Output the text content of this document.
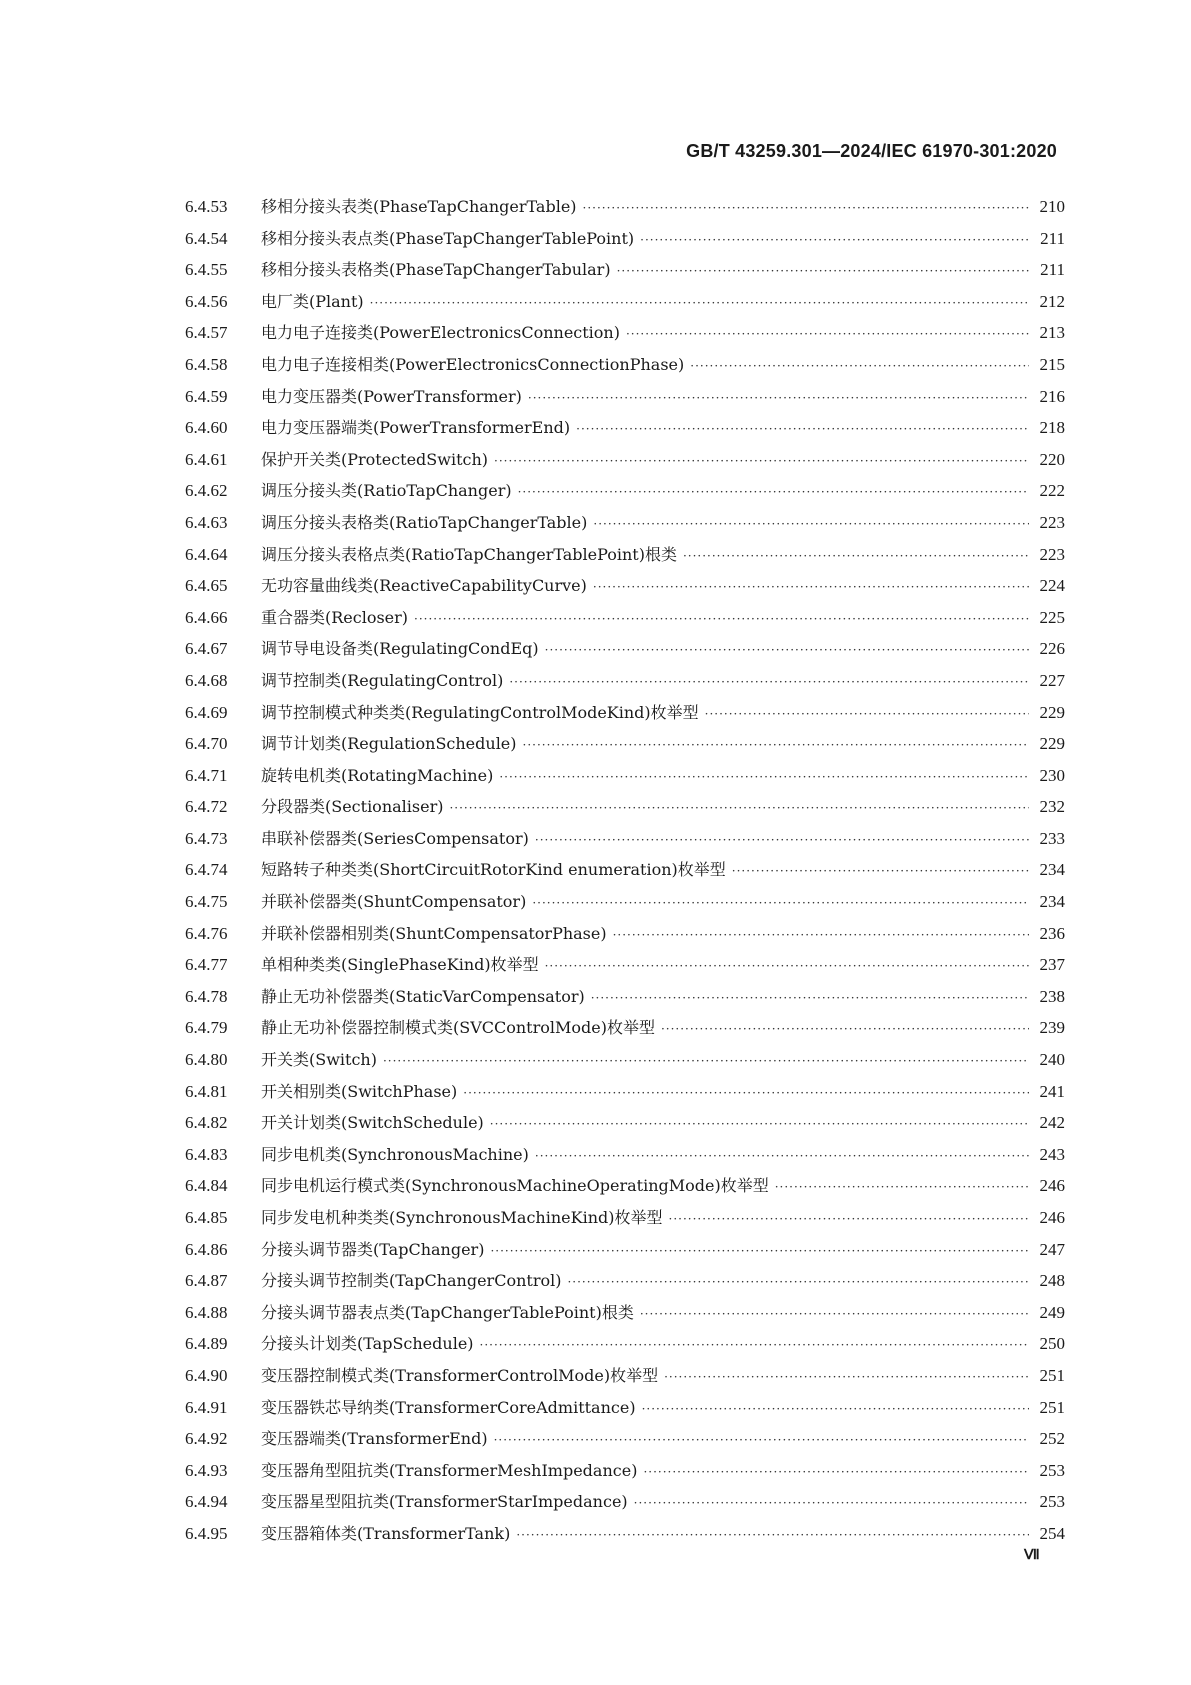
GB/T 43259.301—2024/IEC 61970-301:2020
6.4.53	移相分接头表类(PhaseTapChangerTable) ·····	210
6.4.54	移相分接头表点类(PhaseTapChangerTablePoint) ·····	211
6.4.55	移相分接头表格类(PhaseTapChangerTabular) ·····	211
6.4.56	电厂类(Plant) ·····	212
6.4.57	电力电子连接类(PowerElectronicsConnection) ·····	213
6.4.58	电力电子连接相类(PowerElectronicsConnectionPhase) ·····	215
6.4.59	电力变压器类(PowerTransformer) ·····	216
6.4.60	电力变压器端类(PowerTransformerEnd) ·····	218
6.4.61	保护开关类(ProtectedSwitch) ·····	220
6.4.62	调压分接头类(RatioTapChanger) ·····	222
6.4.63	调压分接头表格类(RatioTapChangerTable) ·····	223
6.4.64	调压分接头表格点类(RatioTapChangerTablePoint)根类 ·····	223
6.4.65	无功容量曲线类(ReactiveCapabilityCurve) ·····	224
6.4.66	重合器类(Recloser) ·····	225
6.4.67	调节导电设备类(RegulatingCondEq) ·····	226
6.4.68	调节控制类(RegulatingControl) ·····	227
6.4.69	调节控制模式种类类(RegulatingControlModeKind)枚举型 ·····	229
6.4.70	调节计划类(RegulationSchedule) ·····	229
6.4.71	旋转电机类(RotatingMachine) ·····	230
6.4.72	分段器类(Sectionaliser) ·····	232
6.4.73	串联补偿器类(SeriesCompensator) ·····	233
6.4.74	短路转子种类类(ShortCircuitRotorKind enumeration)枚举型 ·····	234
6.4.75	并联补偿器类(ShuntCompensator) ·····	234
6.4.76	并联补偿器相别类(ShuntCompensatorPhase) ·····	236
6.4.77	单相种类类(SinglePhaseKind)枚举型 ·····	237
6.4.78	静止无功补偿器类(StaticVarCompensator) ·····	238
6.4.79	静止无功补偿器控制模式类(SVCControlMode)枚举型 ·····	239
6.4.80	开关类(Switch) ·····	240
6.4.81	开关相别类(SwitchPhase) ·····	241
6.4.82	开关计划类(SwitchSchedule) ·····	242
6.4.83	同步电机类(SynchronousMachine) ·····	243
6.4.84	同步电机运行模式类(SynchronousMachineOperatingMode)枚举型 ·····	246
6.4.85	同步发电机种类类(SynchronousMachineKind)枚举型 ·····	246
6.4.86	分接头调节器类(TapChanger) ·····	247
6.4.87	分接头调节控制类(TapChangerControl) ·····	248
6.4.88	分接头调节器表点类(TapChangerTablePoint)根类 ·····	249
6.4.89	分接头计划类(TapSchedule) ·····	250
6.4.90	变压器控制模式类(TransformerControlMode)枚举型 ·····	251
6.4.91	变压器铁芯导纳类(TransformerCoreAdmittance) ·····	251
6.4.92	变压器端类(TransformerEnd) ·····	252
6.4.93	变压器角型阻抗类(TransformerMeshImpedance) ·····	253
6.4.94	变压器星型阻抗类(TransformerStarImpedance) ·····	253
6.4.95	变压器箱体类(TransformerTank) ·····	254
Ⅶ
